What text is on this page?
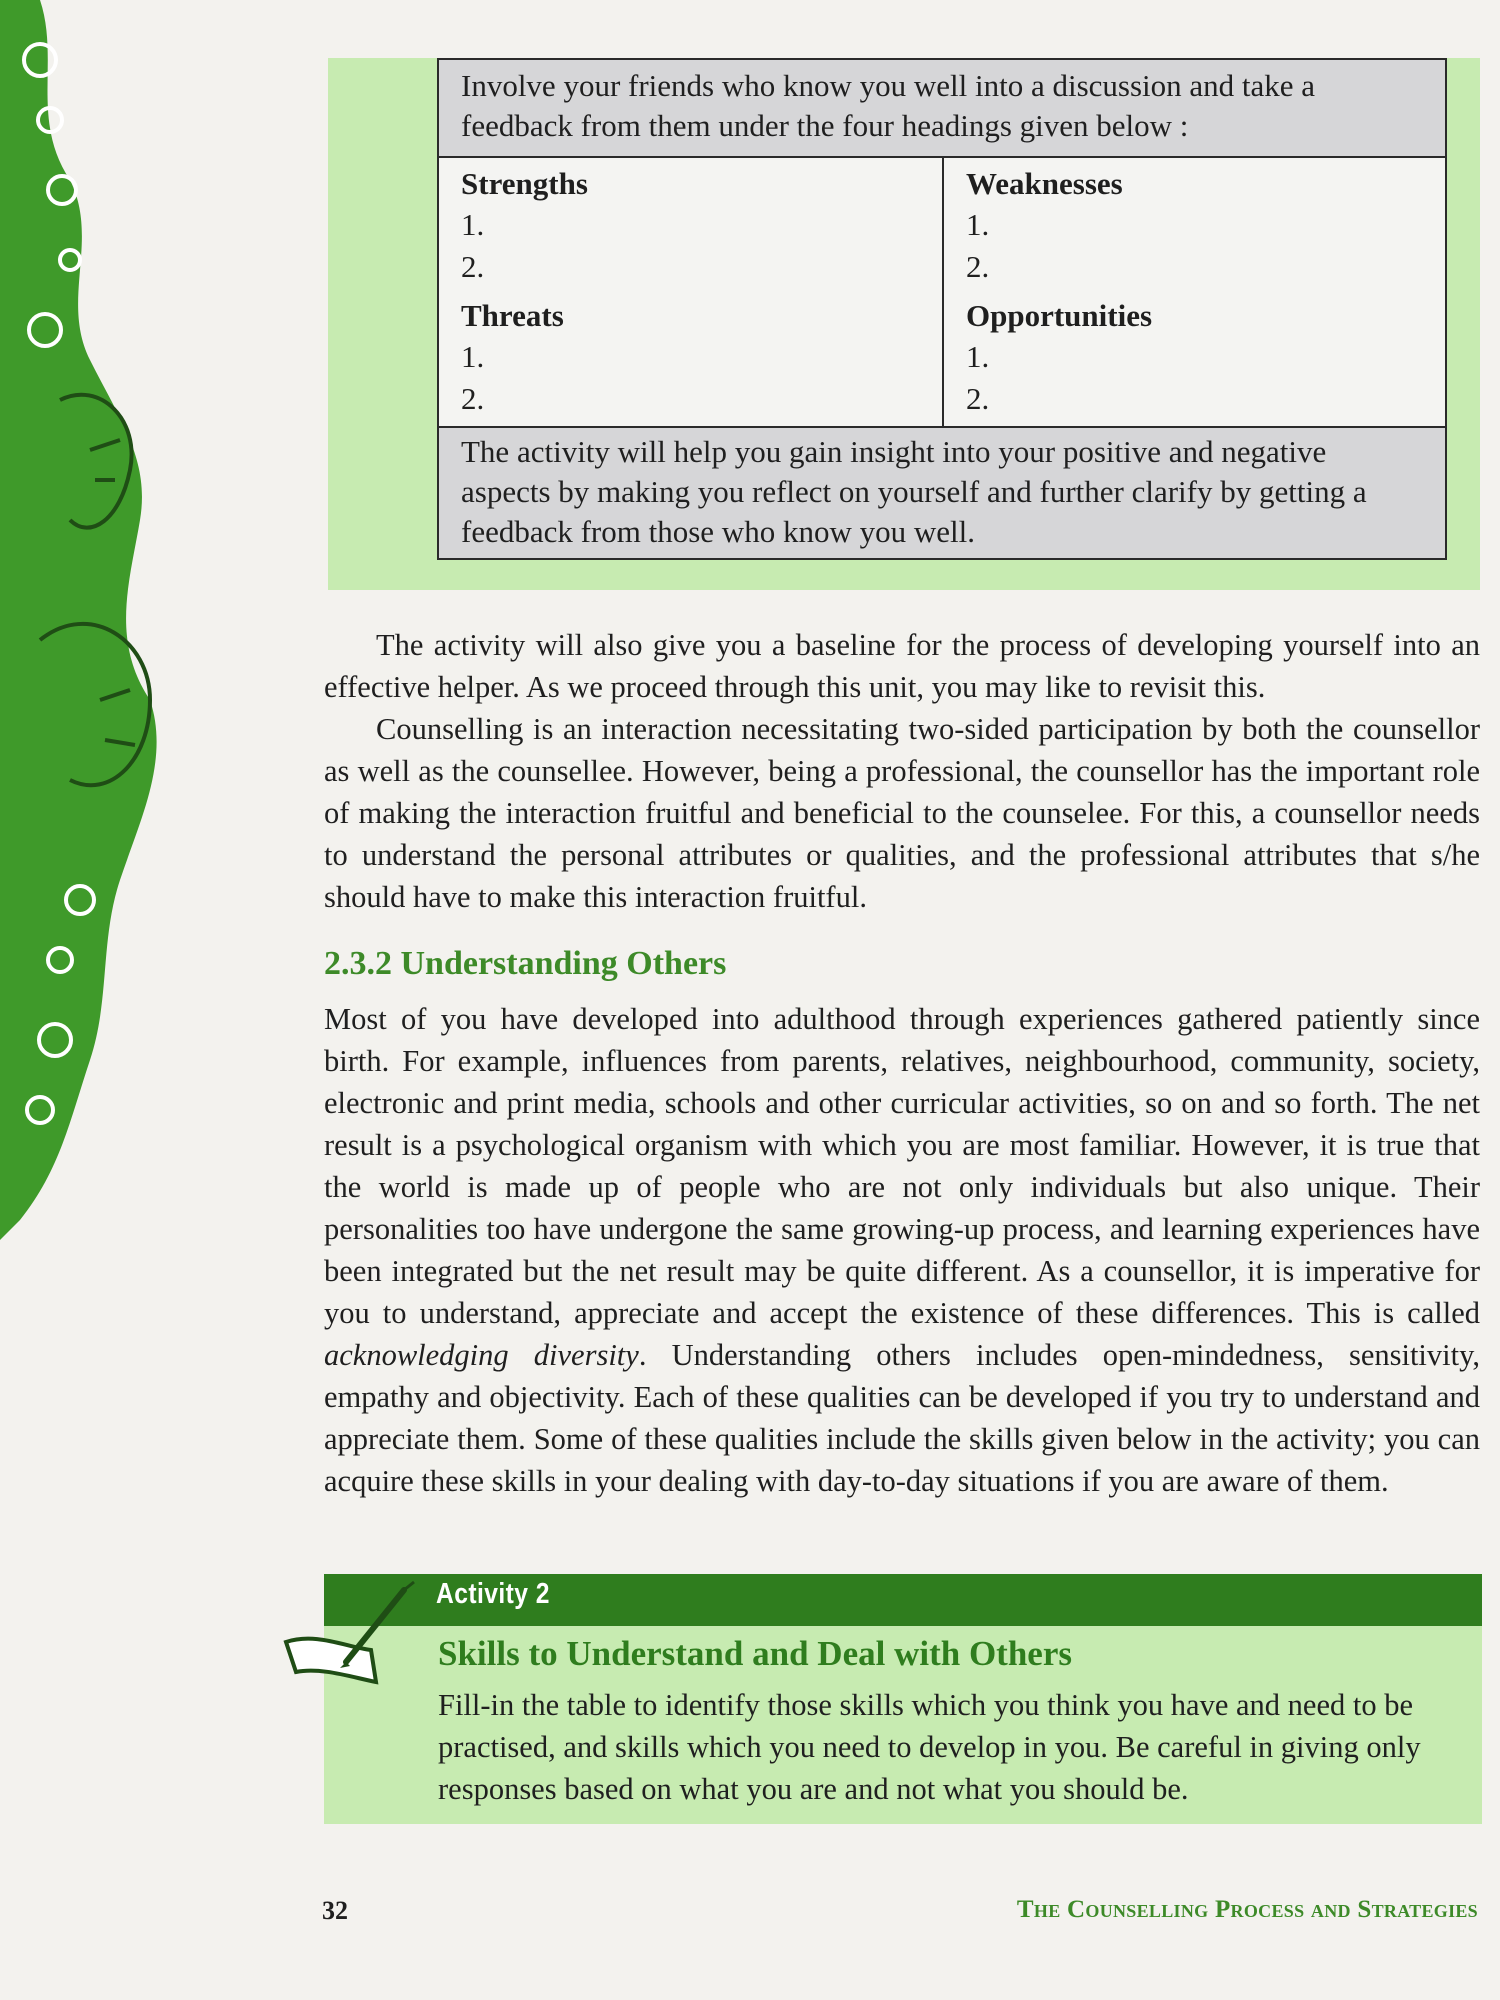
Involve your friends who know you well into a discussion and take a feedback from them under the four headings given below :
Strengths
1.
2.
Threats
1.
2.
Weaknesses
1.
2.
Opportunities
1.
2.
The activity will help you gain insight into your positive and negative aspects by making you reflect on yourself and further clarify by getting a feedback from those who know you well.

The activity will also give you a baseline for the process of developing yourself into an effective helper. As we proceed through this unit, you may like to revisit this.

Counselling is an interaction necessitating two-sided participation by both the counsellor as well as the counsellee. However, being a professional, the counsellor has the important role of making the interaction fruitful and beneficial to the counselee. For this, a counsellor needs to understand the personal attributes or qualities, and the professional attributes that s/he should have to make this interaction fruitful.

2.3.2 Understanding Others

Most of you have developed into adulthood through experiences gathered patiently since birth. For example, influences from parents, relatives, neighbourhood, community, society, electronic and print media, schools and other curricular activities, so on and so forth. The net result is a psychological organism with which you are most familiar. However, it is true that the world is made up of people who are not only individuals but also unique. Their personalities too have undergone the same growing-up process, and learning experiences have been integrated but the net result may be quite different. As a counsellor, it is imperative for you to understand, appreciate and accept the existence of these differences. This is called acknowledging diversity. Understanding others includes open-mindedness, sensitivity, empathy and objectivity. Each of these qualities can be developed if you try to understand and appreciate them. Some of these qualities include the skills given below in the activity; you can acquire these skills in your dealing with day-to-day situations if you are aware of them.

Activity 2
Skills to Understand and Deal with Others

Fill-in the table to identify those skills which you think you have and need to be practised, and skills which you need to develop in you. Be careful in giving only responses based on what you are and not what you should be.

32	The Counselling Process and Strategies
